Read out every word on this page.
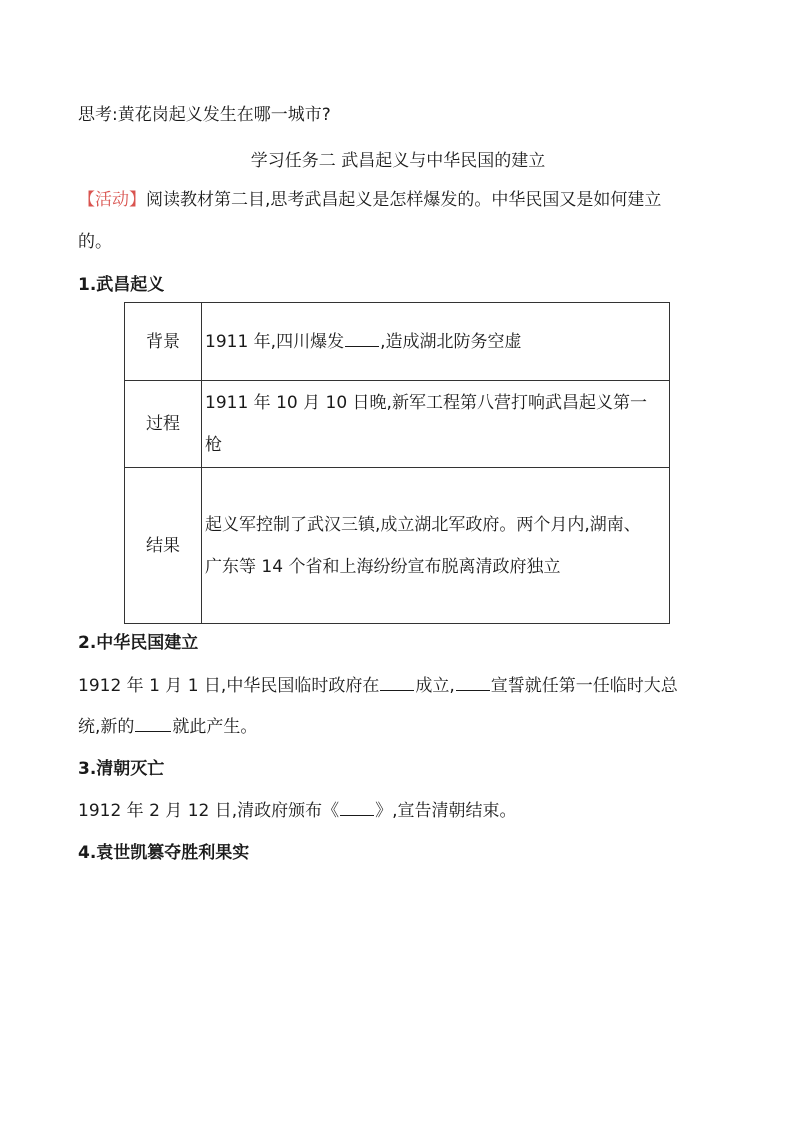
思考:黄花岗起义发生在哪一城市?
学习任务二 武昌起义与中华民国的建立
【活动】阅读教材第二目,思考武昌起义是怎样爆发的。中华民国又是如何建立
的。
1.武昌起义
背景	1911 年,四川爆发 ,造成湖北防务空虚
过程	1911 年 10 月 10 日晚,新军工程第八营打响武昌起义第一
枪

结果	起义军控制了武汉三镇,成立湖北军政府。两个月内,湖南、
广东等 14 个省和上海纷纷宣布脱离清政府独立
2.中华民国建立
1912 年 1 月 1 日,中华民国临时政府在 成立, 宣誓就任第一任临时大总
统,新的 就此产生。
3.清朝灭亡
1912 年 2 月 12 日,清政府颁布《 》,宣告清朝结束。
4.袁世凯篡夺胜利果实
